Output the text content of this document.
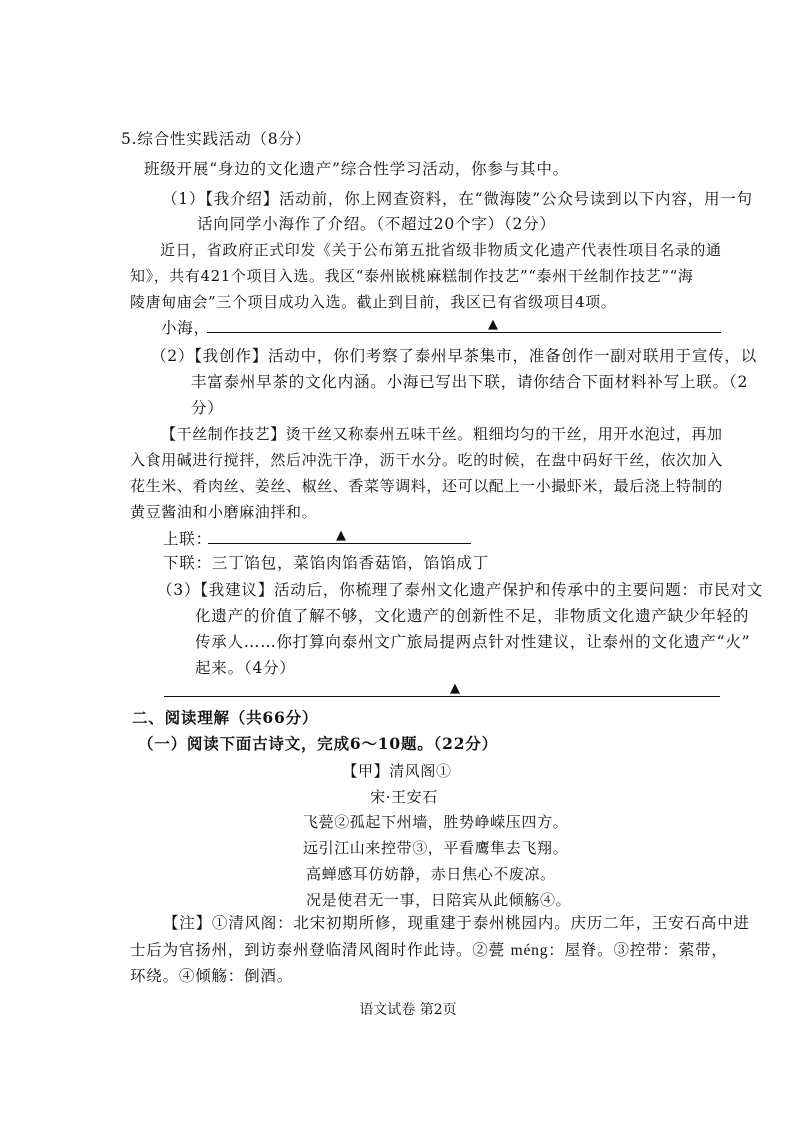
5.综合性实践活动（8分）
班级开展“身边的文化遗产”综合性学习活动，你参与其中。
（1）【我介绍】活动前，你上网查资料，在“微海陵”公众号读到以下内容，用一句
话向同学小海作了介绍。（不超过20个字）（2分）
近日，省政府正式印发《关于公布第五批省级非物质文化遗产代表性项目名录的通
知》，共有421个项目入选。我区“泰州嵌桃麻糕制作技艺”“泰州干丝制作技艺”“海
陵唐甸庙会”三个项目成功入选。截止到目前，我区已有省级项目4项。
小海，	▲
（2）【我创作】活动中，你们考察了泰州早茶集市，准备创作一副对联用于宣传，以
丰富泰州早茶的文化内涵。小海已写出下联，请你结合下面材料补写上联。（2
分）
【干丝制作技艺】烫干丝又称泰州五味干丝。粗细均匀的干丝，用开水泡过，再加
入食用碱进行搅拌，然后冲洗干净，沥干水分。吃的时候，在盘中码好干丝，依次加入
花生米、肴肉丝、姜丝、椒丝、香菜等调料，还可以配上一小撮虾米，最后浇上特制的
黄豆酱油和小磨麻油拌和。
上联：	▲
下联：三丁馅包，菜馅肉馅香菇馅，馅馅成丁
（3）【我建议】活动后，你梳理了泰州文化遗产保护和传承中的主要问题：市民对文
化遗产的价值了解不够，文化遗产的创新性不足，非物质文化遗产缺少年轻的
传承人……你打算向泰州文广旅局提两点针对性建议，让泰州的文化遗产“火”
起来。（4分）
▲
二、阅读理解（共66分）
（一）阅读下面古诗文，完成6～10题。（22分）
【甲】清风阁①
宋·王安石
飞甍②孤起下州墙，胜势峥嵘压四方。
远引江山来控带③，平看鹰隼去飞翔。
高蝉感耳仿妨静，赤日焦心不废凉。
况是使君无一事，日陪宾从此倾觞④。
【注】①清风阁：北宋初期所修，现重建于泰州桃园内。庆历二年，王安石高中进
士后为官扬州，到访泰州登临清风阁时作此诗。②甍 méng：屋脊。③控带：萦带，
环绕。④倾觞：倒酒。
语文试卷 第2页
